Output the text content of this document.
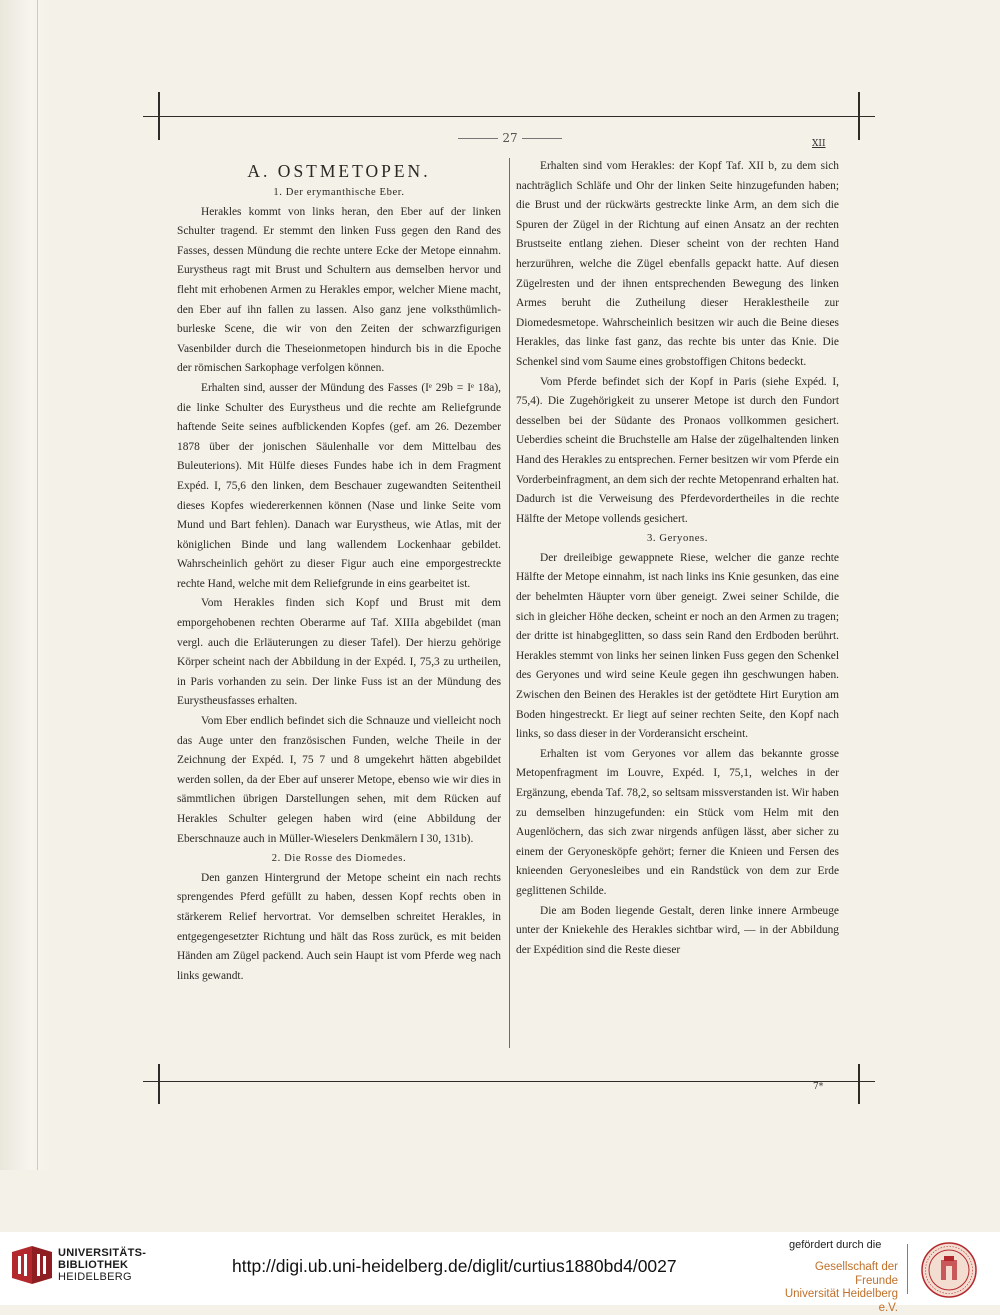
27	XII
A. OSTMETOPEN.
1. Der erymanthische Eber.

Herakles kommt von links heran, den Eber auf der linken Schulter tragend. Er stemmt den linken Fuss gegen den Rand des Fasses, dessen Mündung die rechte untere Ecke der Metope einnahm. Eurystheus ragt mit Brust und Schultern aus demselben hervor und fleht mit erhobenen Armen zu Herakles empor, welcher Miene macht, den Eber auf ihn fallen zu lassen. Also ganz jene volksthümlich-burleske Scene, die wir von den Zeiten der schwarzfigurigen Vasenbilder durch die Theseionmetopen hindurch bis in die Epoche der römischen Sarkophage verfolgen können.

Erhalten sind, ausser der Mündung des Fasses (Iᵉ 29b = Iᵉ 18a), die linke Schulter des Eurystheus und die rechte am Reliefgrunde haftende Seite seines aufblickenden Kopfes (gef. am 26. Dezember 1878 über der jonischen Säulenhalle vor dem Mittelbau des Buleuterions). Mit Hülfe dieses Fundes habe ich in dem Fragment Expéd. I, 75,6 den linken, dem Beschauer zugewandten Seitentheil dieses Kopfes wiedererkennen können (Nase und linke Seite vom Mund und Bart fehlen). Danach war Eurystheus, wie Atlas, mit der königlichen Binde und lang wallendem Lockenhaar gebildet. Wahrscheinlich gehört zu dieser Figur auch eine emporgestreckte rechte Hand, welche mit dem Reliefgrunde in eins gearbeitet ist.

Vom Herakles finden sich Kopf und Brust mit dem emporgehobenen rechten Oberarme auf Taf. XIIIa abgebildet (man vergl. auch die Erläuterungen zu dieser Tafel). Der hierzu gehörige Körper scheint nach der Abbildung in der Expéd. I, 75,3 zu urtheilen, in Paris vorhanden zu sein. Der linke Fuss ist an der Mündung des Eurystheusfasses erhalten.

Vom Eber endlich befindet sich die Schnauze und vielleicht noch das Auge unter den französischen Funden, welche Theile in der Zeichnung der Expéd. I, 75 7 und 8 umgekehrt hätten abgebildet werden sollen, da der Eber auf unserer Metope, ebenso wie wir dies in sämmtlichen übrigen Darstellungen sehen, mit dem Rücken auf Herakles Schulter gelegen haben wird (eine Abbildung der Eberschnauze auch in Müller-Wieselers Denkmälern I 30, 131b).

2. Die Rosse des Diomedes.

Den ganzen Hintergrund der Metope scheint ein nach rechts sprengendes Pferd gefüllt zu haben, dessen Kopf rechts oben in stärkerem Relief hervortrat. Vor demselben schreitet Herakles, in entgegengesetzter Richtung und hält das Ross zurück, es mit beiden Händen am Zügel packend. Auch sein Haupt ist vom Pferde weg nach links gewandt.

Erhalten sind vom Herakles: der Kopf Taf. XII b, zu dem sich nachträglich Schläfe und Ohr der linken Seite hinzugefunden haben; die Brust und der rückwärts gestreckte linke Arm, an dem sich die Spuren der Zügel in der Richtung auf einen Ansatz an der rechten Brustseite entlang ziehen. Dieser scheint von der rechten Hand herzurühren, welche die Zügel ebenfalls gepackt hatte. Auf diesen Zügelresten und der ihnen entsprechenden Bewegung des linken Armes beruht die Zutheilung dieser Heraklestheile zur Diomedesmetope. Wahrscheinlich besitzen wir auch die Beine dieses Herakles, das linke fast ganz, das rechte bis unter das Knie. Die Schenkel sind vom Saume eines grobstoffigen Chitons bedeckt.

Vom Pferde befindet sich der Kopf in Paris (siehe Expéd. I, 75,4). Die Zugehörigkeit zu unserer Metope ist durch den Fundort desselben bei der Südante des Pronaos vollkommen gesichert. Ueberdies scheint die Bruchstelle am Halse der zügelhaltenden linken Hand des Herakles zu entsprechen. Ferner besitzen wir vom Pferde ein Vorderbeinfragment, an dem sich der rechte Metopenrand erhalten hat. Dadurch ist die Verweisung des Pferdevordertheiles in die rechte Hälfte der Metope vollends gesichert.

3. Geryones.

Der dreileibige gewappnete Riese, welcher die ganze rechte Hälfte der Metope einnahm, ist nach links ins Knie gesunken, das eine der behelmten Häupter vorn über geneigt. Zwei seiner Schilde, die sich in gleicher Höhe decken, scheint er noch an den Armen zu tragen; der dritte ist hinabgeglitten, so dass sein Rand den Erdboden berührt. Herakles stemmt von links her seinen linken Fuss gegen den Schenkel des Geryones und wird seine Keule gegen ihn geschwungen haben. Zwischen den Beinen des Herakles ist der getödtete Hirt Eurytion am Boden hingestreckt. Er liegt auf seiner rechten Seite, den Kopf nach links, so dass dieser in der Vorderansicht erscheint.

Erhalten ist vom Geryones vor allem das bekannte grosse Metopenfragment im Louvre, Expéd. I, 75,1, welches in der Ergänzung, ebenda Taf. 78,2, so seltsam missverstanden ist. Wir haben zu demselben hinzugefunden: ein Stück vom Helm mit den Augenlöchern, das sich zwar nirgends anfügen lässt, aber sicher zu einem der Geryonesköpfe gehört; ferner die Knieen und Fersen des knieenden Geryonesleibes und ein Randstück von dem zur Erde geglittenen Schilde.

Die am Boden liegende Gestalt, deren linke innere Armbeuge unter der Kniekehle des Herakles sichtbar wird, — in der Abbildung der Expédition sind die Reste dieser

7*
UNIVERSITÄTS-
BIBLIOTHEK
HEIDELBERG
http://digi.ub.uni-heidelberg.de/diglit/curtius1880bd4/0027
gefördert durch die
Gesellschaft der Freunde
Universität Heidelberg e.V.
